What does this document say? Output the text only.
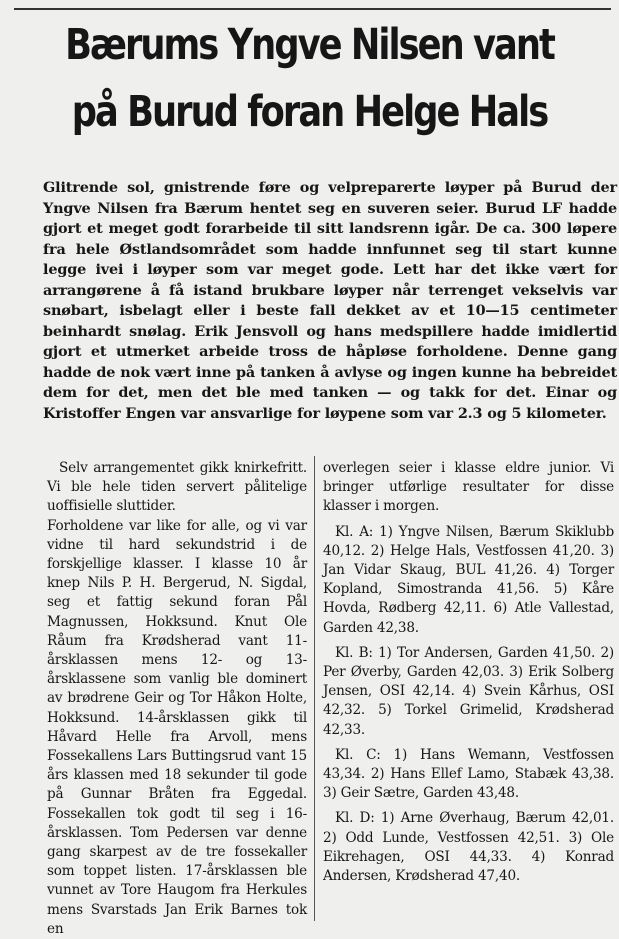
Bærums Yngve Nilsen vant
på Burud foran Helge Hals

Glitrende sol, gnistrende føre og velpreparerte løyper på Burud der Yngve Nilsen fra Bærum hentet seg en suveren seier. Burud LF hadde gjort et meget godt forarbeide til sitt landsrenn igår. De ca. 300 løpere fra hele Østlandsområdet som hadde innfunnet seg til start kunne legge ivei i løyper som var meget gode. Lett har det ikke vært for arrangørene å få istand brukbare løyper når terrenget vekselvis var snøbart, isbelagt eller i beste fall dekket av et 10—15 centimeter beinhardt snølag. Erik Jensvoll og hans medspillere hadde imidlertid gjort et utmerket arbeide tross de håpløse forholdene. Denne gang hadde de nok vært inne på tanken å avlyse og ingen kunne ha bebreidet dem for det, men det ble med tanken — og takk for det. Einar og Kristoffer Engen var ansvarlige for løypene som var 2.3 og 5 kilometer.

Selv arrangementet gikk knirkefritt. Vi ble hele tiden servert pålitelige uoffisielle sluttider.

Forholdene var like for alle, og vi var vidne til hard sekundstrid i de forskjellige klasser. I klasse 10 år knep Nils P. H. Bergerud, N. Sigdal, seg et fattig sekund foran Pål Magnussen, Hokksund. Knut Ole Råum fra Krødsherad vant 11-årsklassen mens 12- og 13-årsklassene som vanlig ble dominert av brødrene Geir og Tor Håkon Holte, Hokksund. 14-årsklassen gikk til Håvard Helle fra Arvoll, mens Fossekallens Lars Buttingsrud vant 15 års klassen med 18 sekunder til gode på Gunnar Bråten fra Eggedal. Fossekallen tok godt til seg i 16-årsklassen. Tom Pedersen var denne gang skarpest av de tre fossekaller som toppet listen. 17-årsklassen ble vunnet av Tore Haugom fra Herkules mens Svarstads Jan Erik Barnes tok en

overlegen seier i klasse eldre junior. Vi bringer utførlige resultater for disse klasser i morgen.

Kl. A: 1) Yngve Nilsen, Bærum Skiklubb 40,12. 2) Helge Hals, Vestfossen 41,20. 3) Jan Vidar Skaug, BUL 41,26. 4) Torger Kopland, Simostranda 41,56. 5) Kåre Hovda, Rødberg 42,11. 6) Atle Vallestad, Garden 42,38.

Kl. B: 1) Tor Andersen, Garden 41,50. 2) Per Øverby, Garden 42,03. 3) Erik Solberg Jensen, OSI 42,14. 4) Svein Kårhus, OSI 42,32. 5) Torkel Grimelid, Krødsherad 42,33.

Kl. C: 1) Hans Wemann, Vestfossen 43,34. 2) Hans Ellef Lamo, Stabæk 43,38. 3) Geir Sætre, Garden 43,48.

Kl. D: 1) Arne Øverhaug, Bærum 42,01. 2) Odd Lunde, Vestfossen 42,51. 3) Ole Eikrehagen, OSI 44,33. 4) Konrad Andersen, Krødsherad 47,40.
